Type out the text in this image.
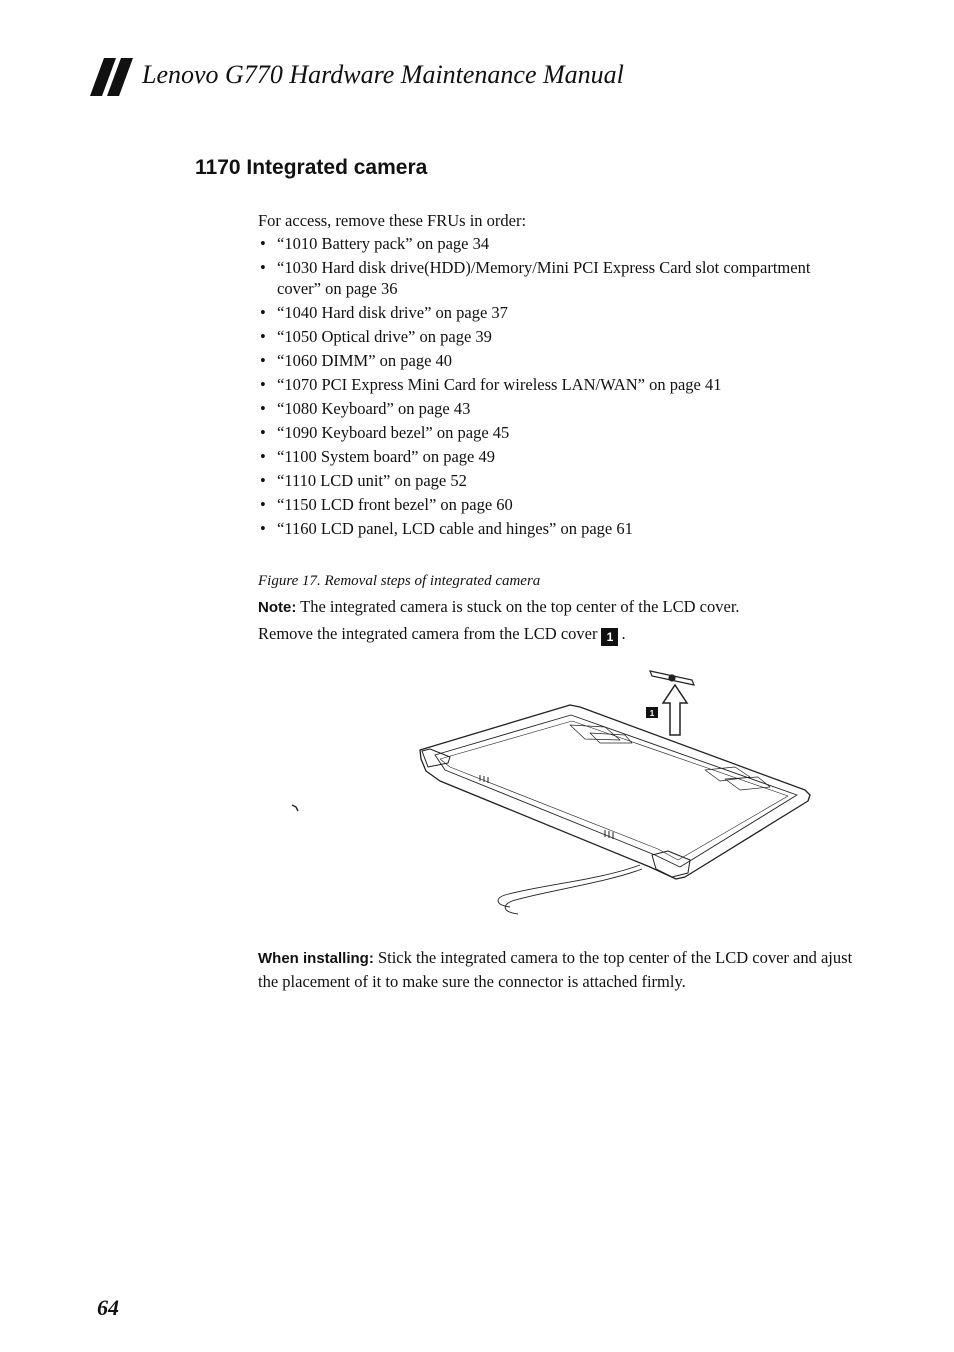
Lenovo G770 Hardware Maintenance Manual
1170 Integrated camera
For access, remove these FRUs in order:
• “1010 Battery pack” on page 34
• “1030 Hard disk drive(HDD)/Memory/Mini PCI Express Card slot compartment cover” on page 36
• “1040 Hard disk drive” on page 37
• “1050 Optical drive” on page 39
• “1060 DIMM” on page 40
• “1070 PCI Express Mini Card for wireless LAN/WAN” on page 41
• “1080 Keyboard” on page 43
• “1090 Keyboard bezel” on page 45
• “1100 System board” on page 49
• “1110 LCD unit” on page 52
• “1150 LCD front bezel” on page 60
• “1160 LCD panel, LCD cable and hinges” on page 61
Figure 17. Removal steps of integrated camera
Note: The integrated camera is stuck on the top center of the LCD cover.
Remove the integrated camera from the LCD cover 1 .
1
When installing: Stick the integrated camera to the top center of the LCD cover and ajust the placement of it to make sure the connector is attached firmly.
64
